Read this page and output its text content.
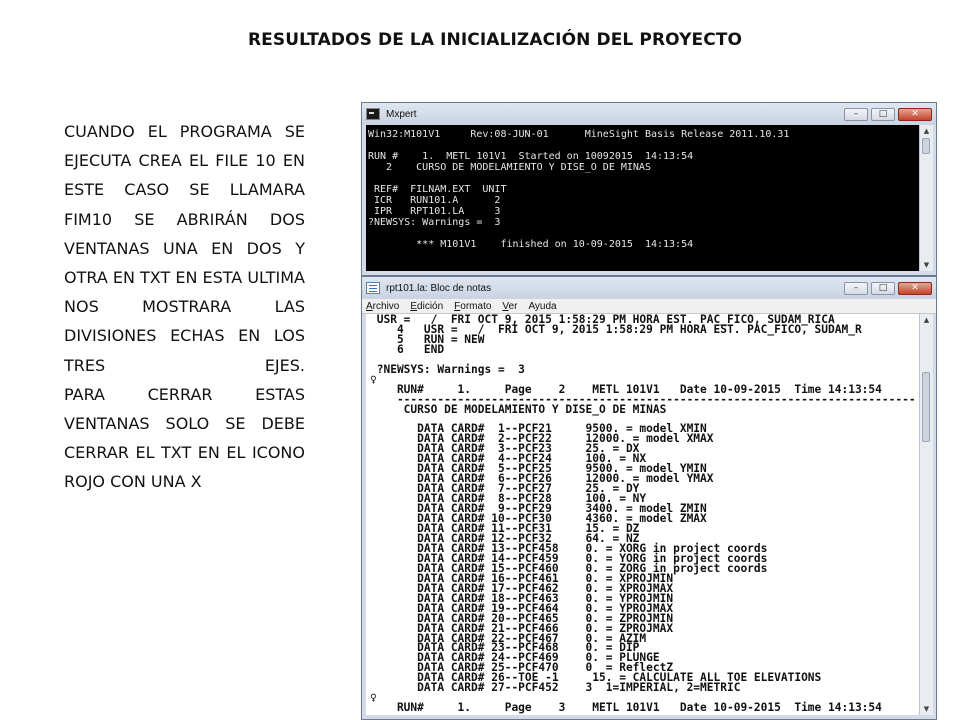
RESULTADOS DE LA INICIALIZACIÓN DEL PROYECTO

CUANDO EL PROGRAMA SE EJECUTA CREA EL FILE 10 EN ESTE CASO SE LLAMARA FIM10 SE ABRIRÁN DOS VENTANAS UNA EN DOS Y OTRA EN TXT EN ESTA ULTIMA NOS MOSTRARA LAS DIVISIONES ECHAS EN LOS TRES EJES.

PARA CERRAR ESTAS VENTANAS SOLO SE DEBE CERRAR EL TXT EN EL ICONO ROJO CON UNA X

Mxpert	– □	✕
Win32:M101V1     Rev:08-JUN-01      MineSight Basis Release 2011.10.31

RUN #    1.  METL 101V1  Started on 10092015  14:13:54
2    CURSO DE MODELAMIENTO Y DISE_O DE MINAS

REF#  FILNAM.EXT  UNIT
ICR   RUN101.A      2
IPR   RPT101.LA     3
?NEWSYS: Warnings =  3

*** M101V1    finished on 10-09-2015  14:13:54
▲
▼
rpt101.la: Bloc de notas	– □	✕
Archivo Edición Formato Ver Ayuda
USR =   /  FRI OCT 9, 2015 1:58:29 PM HORA EST. PAC_FICO, SUDAM_RICA
4   USR =   /  FRI OCT 9, 2015 1:58:29 PM HORA EST. PAC_FICO, SUDAM_R
5   RUN = NEW
6   END

?NEWSYS: Warnings =  3
♀
RUN#     1.     Page    2    METL 101V1   Date 10-09-2015  Time 14:13:54
-----------------------------------------------------------------------------
CURSO DE MODELAMIENTO Y DISE_O DE MINAS

DATA CARD#  1--PCF21     9500. = model XMIN
DATA CARD#  2--PCF22     12000. = model XMAX
DATA CARD#  3--PCF23     25. = DX
DATA CARD#  4--PCF24     100. = NX
DATA CARD#  5--PCF25     9500. = model YMIN
DATA CARD#  6--PCF26     12000. = model YMAX
DATA CARD#  7--PCF27     25. = DY
DATA CARD#  8--PCF28     100. = NY
DATA CARD#  9--PCF29     3400. = model ZMIN
DATA CARD# 10--PCF30     4360. = model ZMAX
DATA CARD# 11--PCF31     15. = DZ
DATA CARD# 12--PCF32     64. = NZ
DATA CARD# 13--PCF458    0. = XORG in project coords
DATA CARD# 14--PCF459    0. = YORG in project coords
DATA CARD# 15--PCF460    0. = ZORG in project coords
DATA CARD# 16--PCF461    0. = XPROJMIN
DATA CARD# 17--PCF462    0. = XPROJMAX
DATA CARD# 18--PCF463    0. = YPROJMIN
DATA CARD# 19--PCF464    0. = YPROJMAX
DATA CARD# 20--PCF465    0. = ZPROJMIN
DATA CARD# 21--PCF466    0. = ZPROJMAX
DATA CARD# 22--PCF467    0. = AZIM
DATA CARD# 23--PCF468    0. = DIP
DATA CARD# 24--PCF469    0. = PLUNGE
DATA CARD# 25--PCF470    0  = ReflectZ
DATA CARD# 26--TOE -1     15. = CALCULATE ALL TOE ELEVATIONS
DATA CARD# 27--PCF452    3  1=IMPERIAL, 2=METRIC
♀
RUN#     1.     Page    3    METL 101V1   Date 10-09-2015  Time 14:13:54
▲
▼
